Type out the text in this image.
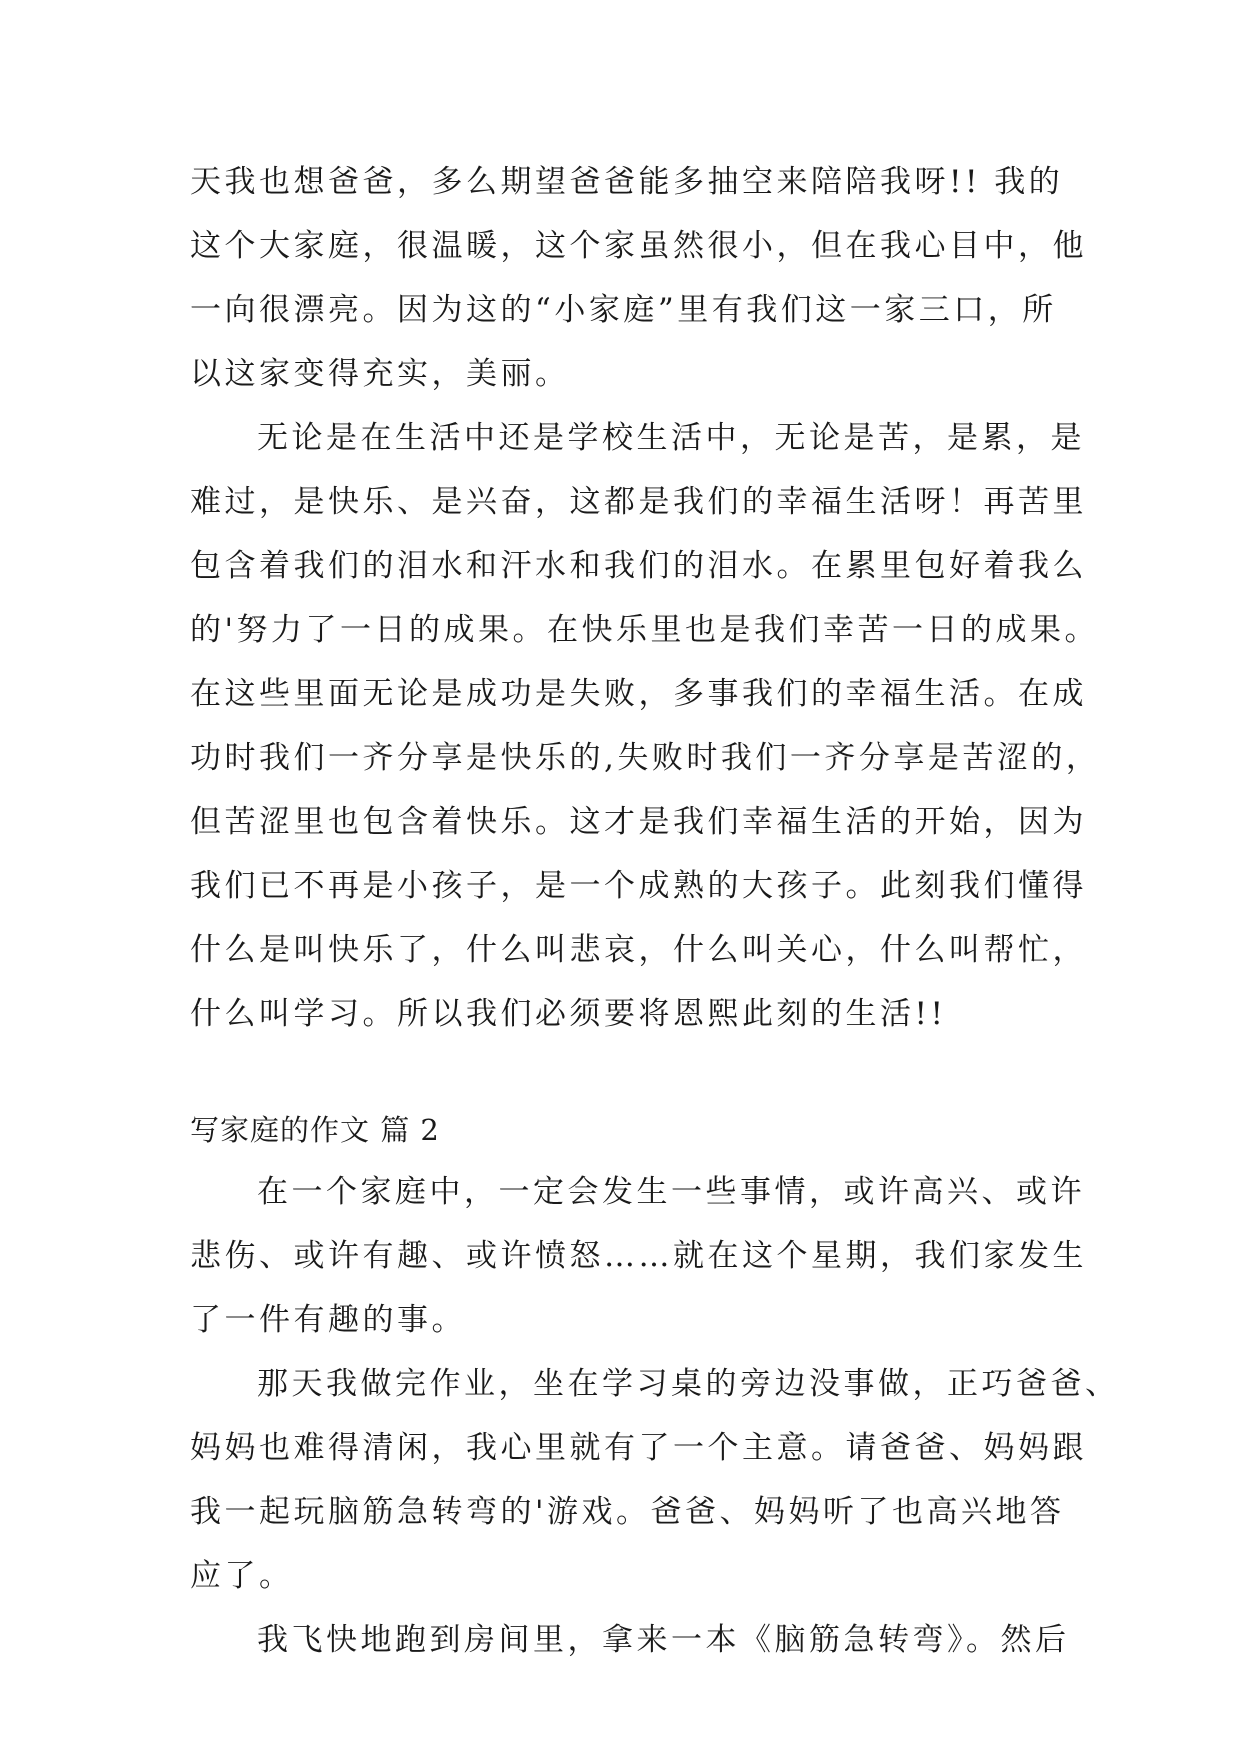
天我也想爸爸，多么期望爸爸能多抽空来陪陪我呀!! 我的
这个大家庭，很温暖，这个家虽然很小，但在我心目中，他
一向很漂亮。因为这的“小家庭”里有我们这一家三口，所
以这家变得充实，美丽。
无论是在生活中还是学校生活中，无论是苦，是累，是
难过，是快乐、是兴奋，这都是我们的幸福生活呀！再苦里
包含着我们的泪水和汗水和我们的泪水。在累里包好着我么
的'努力了一日的成果。在快乐里也是我们幸苦一日的成果。
在这些里面无论是成功是失败，多事我们的幸福生活。在成
功时我们一齐分享是快乐的,失败时我们一齐分享是苦涩的，
但苦涩里也包含着快乐。这才是我们幸福生活的开始，因为
我们已不再是小孩子，是一个成熟的大孩子。此刻我们懂得
什么是叫快乐了，什么叫悲哀，什么叫关心，什么叫帮忙，
什么叫学习。所以我们必须要将恩熙此刻的生活!!
写家庭的作文 篇 2
在一个家庭中，一定会发生一些事情，或许高兴、或许
悲伤、或许有趣、或许愤怒……就在这个星期，我们家发生
了一件有趣的事。
那天我做完作业，坐在学习桌的旁边没事做，正巧爸爸、
妈妈也难得清闲，我心里就有了一个主意。请爸爸、妈妈跟
我一起玩脑筋急转弯的'游戏。爸爸、妈妈听了也高兴地答
应了。
我飞快地跑到房间里，拿来一本《脑筋急转弯》。然后
